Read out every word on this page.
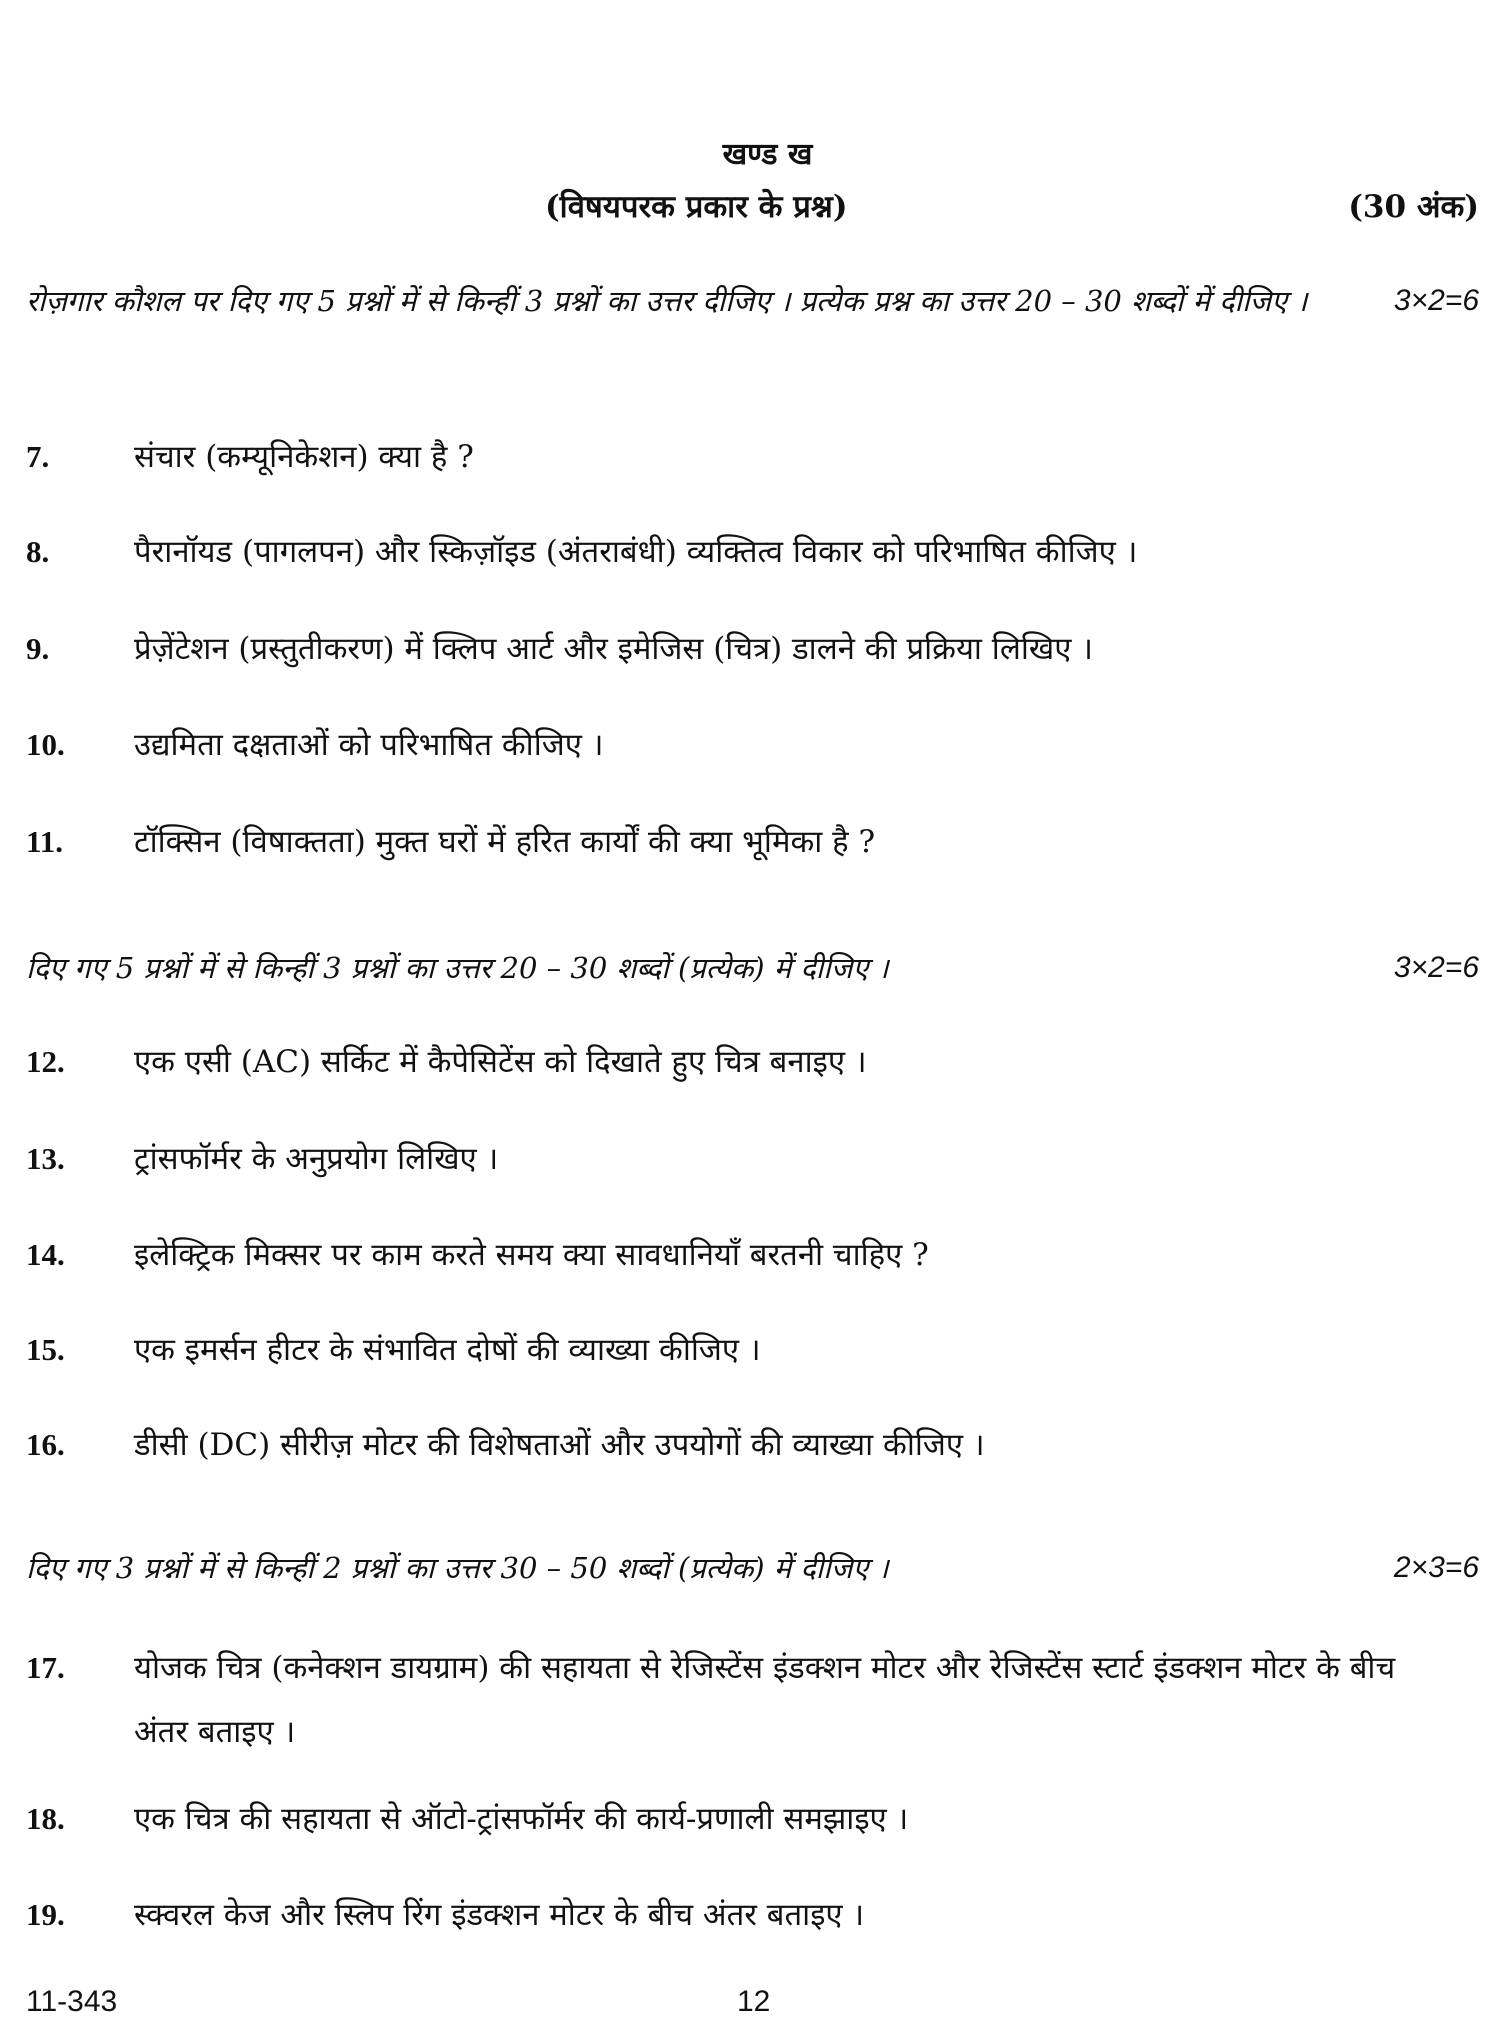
खण्ड ख
(विषयपरक प्रकार के प्रश्न)	(30 अंक)
रोज़गार कौशल पर दिए गए 5 प्रश्नों में से किन्हीं 3 प्रश्नों का उत्तर दीजिए । प्रत्येक प्रश्न का उत्तर 20 – 30 शब्दों में दीजिए ।	3×2=6
7.	संचार (कम्यूनिकेशन) क्या है ?
8.	पैरानॉयड (पागलपन) और स्किज़ॉइड (अंतराबंधी) व्यक्तित्व विकार को परिभाषित कीजिए ।
9.	प्रेज़ेंटेशन (प्रस्तुतीकरण) में क्लिप आर्ट और इमेजिस (चित्र) डालने की प्रक्रिया लिखिए ।
10. उद्यमिता दक्षताओं को परिभाषित कीजिए ।
11. टॉक्सिन (विषाक्तता) मुक्त घरों में हरित कार्यों की क्या भूमिका है ?
दिए गए 5 प्रश्नों में से किन्हीं 3 प्रश्नों का उत्तर 20 – 30 शब्दों (प्रत्येक) में दीजिए ।	3×2=6
12. एक एसी (AC) सर्किट में कैपेसिटेंस को दिखाते हुए चित्र बनाइए ।
13. ट्रांसफॉर्मर के अनुप्रयोग लिखिए ।
14. इलेक्ट्रिक मिक्सर पर काम करते समय क्या सावधानियाँ बरतनी चाहिए ?
15. एक इमर्सन हीटर के संभावित दोषों की व्याख्या कीजिए ।
16. डीसी (DC) सीरीज़ मोटर की विशेषताओं और उपयोगों की व्याख्या कीजिए ।
दिए गए 3 प्रश्नों में से किन्हीं 2 प्रश्नों का उत्तर 30 – 50 शब्दों (प्रत्येक) में दीजिए ।	2×3=6
17. योजक चित्र (कनेक्शन डायग्राम) की सहायता से रेजिस्टेंस इंडक्शन मोटर और रेजिस्टेंस स्टार्ट इंडक्शन मोटर के बीच अंतर बताइए ।
18. एक चित्र की सहायता से ऑटो-ट्रांसफॉर्मर की कार्य-प्रणाली समझाइए ।
19. स्क्वरल केज और स्लिप रिंग इंडक्शन मोटर के बीच अंतर बताइए ।
11-343	12
